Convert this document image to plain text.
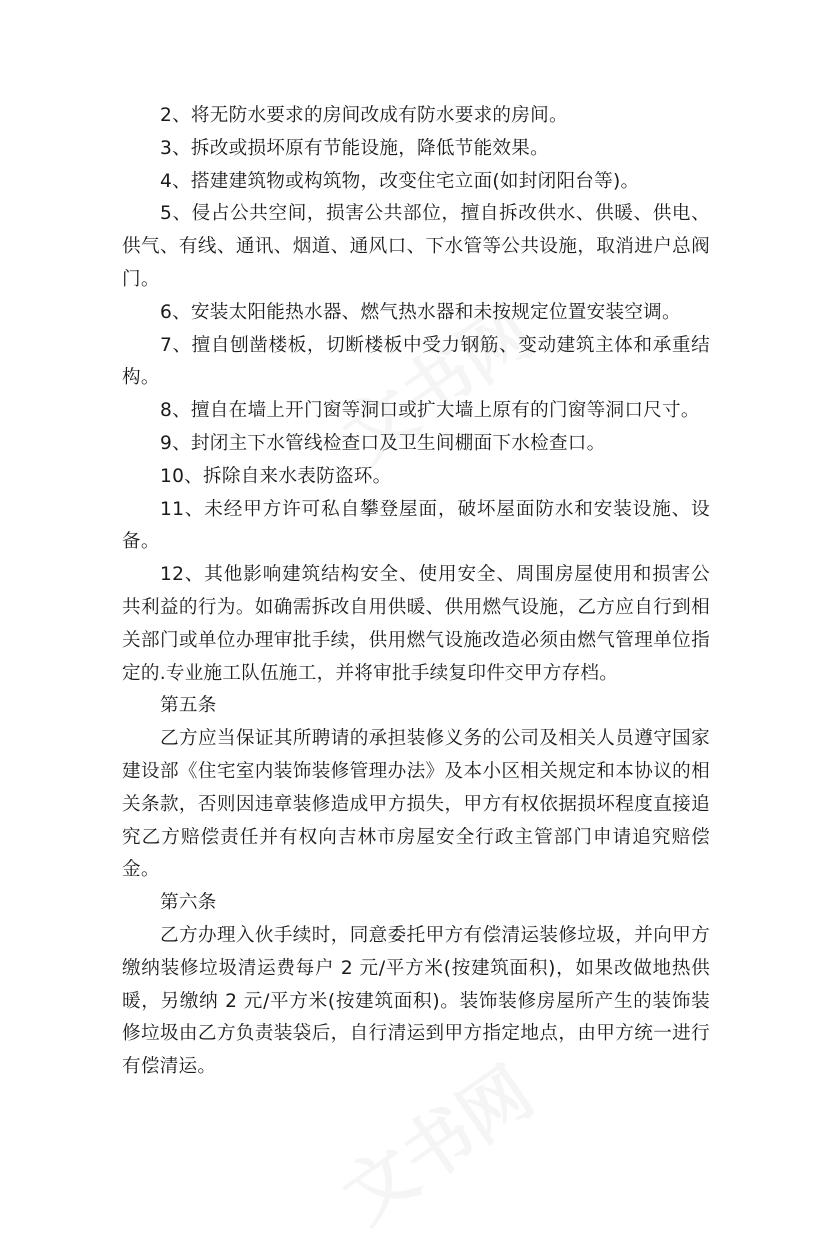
2、将无防水要求的房间改成有防水要求的房间。

3、拆改或损坏原有节能设施，降低节能效果。

4、搭建建筑物或构筑物，改变住宅立面(如封闭阳台等)。

5、侵占公共空间，损害公共部位，擅自拆改供水、供暖、供电、供气、有线、通讯、烟道、通风口、下水管等公共设施，取消进户总阀门。

6、安装太阳能热水器、燃气热水器和未按规定位置安装空调。

7、擅自刨凿楼板，切断楼板中受力钢筋、变动建筑主体和承重结构。

8、擅自在墙上开门窗等洞口或扩大墙上原有的门窗等洞口尺寸。

9、封闭主下水管线检查口及卫生间棚面下水检查口。

10、拆除自来水表防盗环。

11、未经甲方许可私自攀登屋面，破坏屋面防水和安装设施、设备。

12、其他影响建筑结构安全、使用安全、周围房屋使用和损害公共利益的行为。如确需拆改自用供暖、供用燃气设施，乙方应自行到相关部门或单位办理审批手续，供用燃气设施改造必须由燃气管理单位指定的.专业施工队伍施工，并将审批手续复印件交甲方存档。

第五条

乙方应当保证其所聘请的承担装修义务的公司及相关人员遵守国家建设部《住宅室内装饰装修管理办法》及本小区相关规定和本协议的相关条款，否则因违章装修造成甲方损失，甲方有权依据损坏程度直接追究乙方赔偿责任并有权向吉林市房屋安全行政主管部门申请追究赔偿金。

第六条

乙方办理入伙手续时，同意委托甲方有偿清运装修垃圾，并向甲方缴纳装修垃圾清运费每户 2 元/平方米(按建筑面积)，如果改做地热供暖，另缴纳 2 元/平方米(按建筑面积)。装饰装修房屋所产生的装饰装修垃圾由乙方负责装袋后，自行清运到甲方指定地点，由甲方统一进行有偿清运。
